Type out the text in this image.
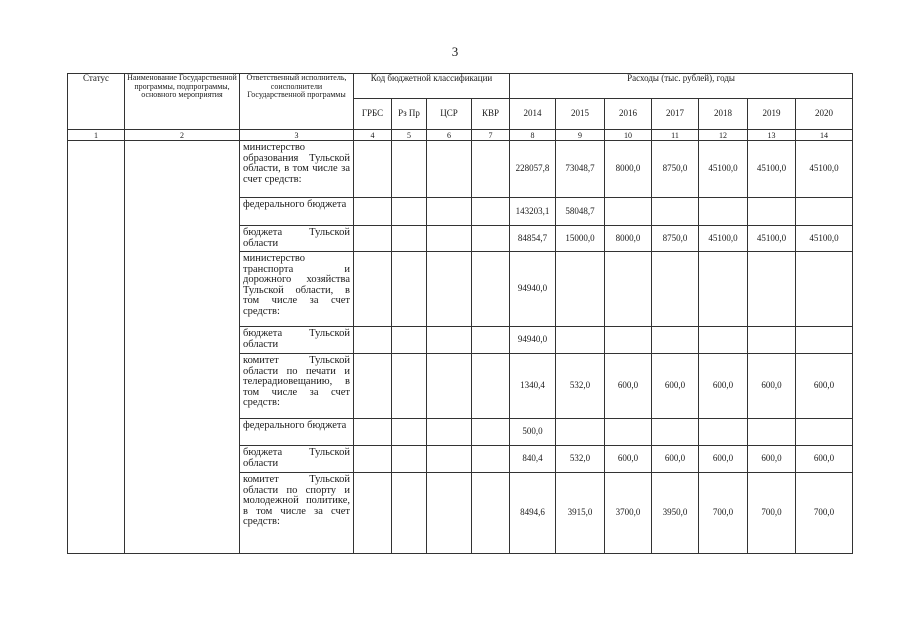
3
Статус	Наименование Государственной программы, подпрограммы, основного мероприятия	Ответственный исполнитель, соисполнители Государственной программы	Код бюджетной классификации				Расходы (тыс. рублей), годы						
			ГРБС	Рз Пр	ЦСР	КВР	2014	2015	2016	2017	2018	2019	2020
1	2	3	4	5	6	7	8	9	10	11	12	13	14
		министерство образования Тульской области, в том числе за счет средств:					228057,8	73048,7	8000,0	8750,0	45100,0	45100,0	45100,0
		федерального бюджета					143203,1	58048,7					
		бюджета Тульской области					84854,7	15000,0	8000,0	8750,0	45100,0	45100,0	45100,0
		министерство транспорта и дорожного хозяйства Тульской области, в том числе за счет средств:					94940,0						
		бюджета Тульской области					94940,0						
		комитет Тульской области по печати и телерадиовещанию, в том числе за счет средств:					1340,4	532,0	600,0	600,0	600,0	600,0	600,0
		федерального бюджета					500,0						
		бюджета Тульской области					840,4	532,0	600,0	600,0	600,0	600,0	600,0
		комитет Тульской области по спорту и молодежной политике, в том числе за счет средств:					8494,6	3915,0	3700,0	3950,0	700,0	700,0	700,0
